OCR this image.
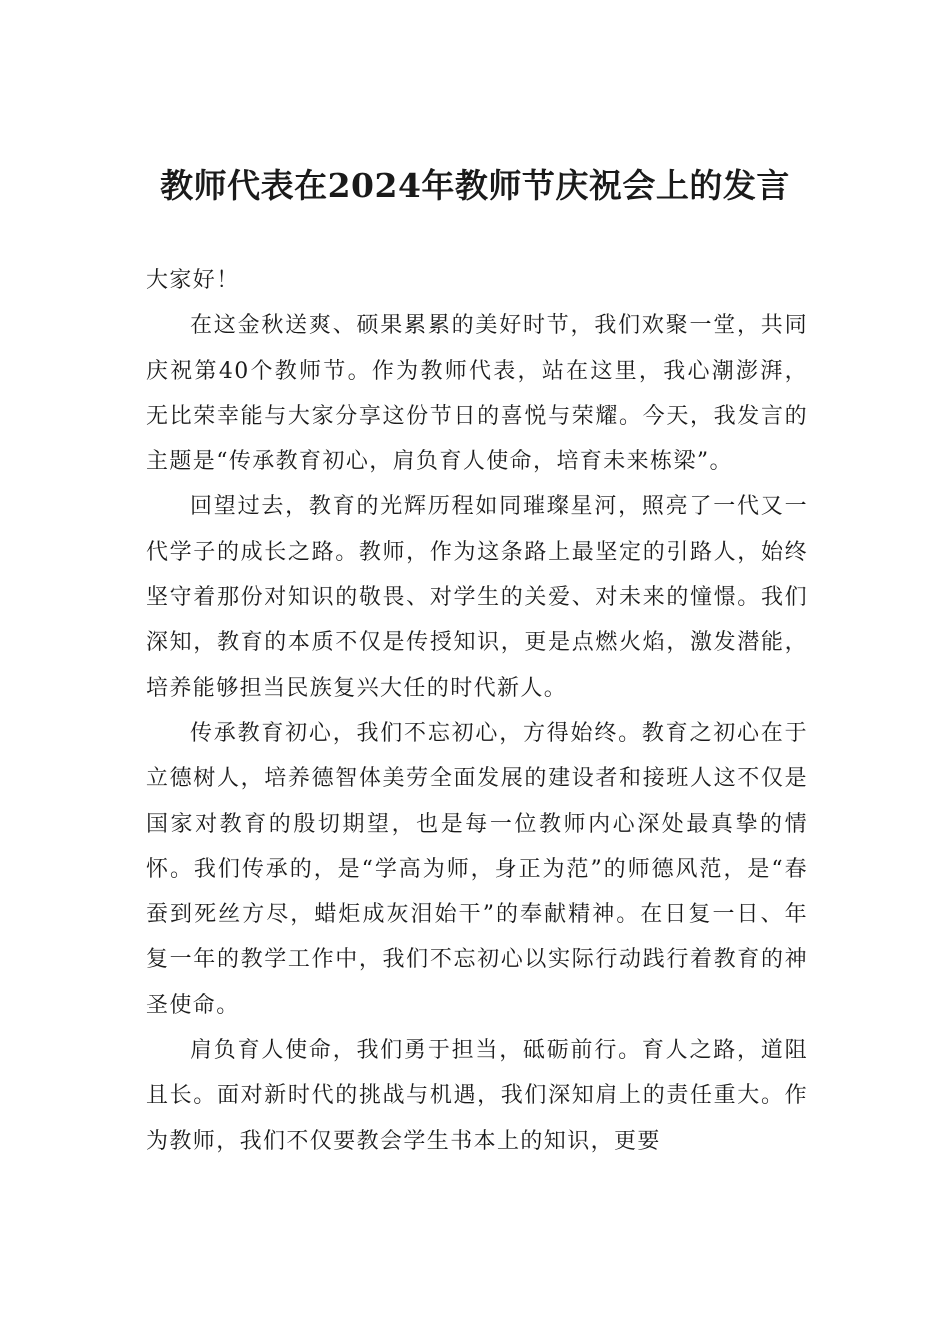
教师代表在2024年教师节庆祝会上的发言

大家好！

在这金秋送爽、硕果累累的美好时节，我们欢聚一堂，共同庆祝第40个教师节。作为教师代表，站在这里，我心潮澎湃，无比荣幸能与大家分享这份节日的喜悦与荣耀。今天，我发言的主题是“传承教育初心，肩负育人使命，培育未来栋梁”。

回望过去，教育的光辉历程如同璀璨星河，照亮了一代又一代学子的成长之路。教师，作为这条路上最坚定的引路人，始终坚守着那份对知识的敬畏、对学生的关爱、对未来的憧憬。我们深知，教育的本质不仅是传授知识，更是点燃火焰，激发潜能，培养能够担当民族复兴大任的时代新人。

传承教育初心，我们不忘初心，方得始终。教育之初心在于立德树人，培养德智体美劳全面发展的建设者和接班人这不仅是国家对教育的殷切期望，也是每一位教师内心深处最真挚的情怀。我们传承的，是“学高为师，身正为范”的师德风范，是“春蚕到死丝方尽，蜡炬成灰泪始干”的奉献精神。在日复一日、年复一年的教学工作中，我们不忘初心以实际行动践行着教育的神圣使命。

肩负育人使命，我们勇于担当，砥砺前行。育人之路，道阻且长。面对新时代的挑战与机遇，我们深知肩上的责任重大。作为教师，我们不仅要教会学生书本上的知识，更要
